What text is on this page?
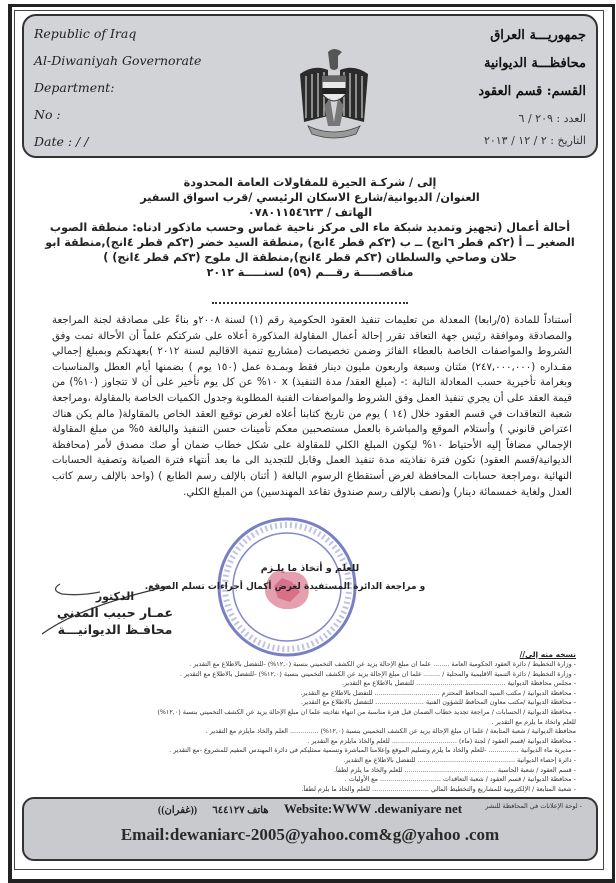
Republic of Iraq
Al-Diwaniyah Governorate
Department:
No :
Date : / /
جمهوريـــة العراق
محافظـــة الديوانية
القسم: قسم العقود
العدد : ٢٠٩ / ٦
التاريخ : ٢ / ١٢ / ٢٠١٣
إلى / شركـة الحيرة للمقاولات العامة المحدودة
العنوان/ الديوانية/شارع الاسكان الرئيسي /قرب اسواق السفير
الهاتف / ٠٧٨٠١١٥٤٦٢٣
أحالة أعمال (تجهيز وتمديد شبكة ماء الى مركز ناحية غماس وحسب ماذكور ادناه: منطقة الصوب الصغير ــ أ (٢كم قطر ٦انج) ــ ب (٣كم قطر ٤انج) ,منطقة السيد خضر (٣كم قطر ٤انج),منطقة ابو حلان وصاحي والسلطان (٣كم قطر ٤انج),منطقة ال ملوح (٣كم قطر ٤انج) )
مناقصـــــة رقـــم (٥٩) لسنـــــة ٢٠١٢
أستناداً للمادة (٥/رابعا) المعدلة من تعليمات تنفيذ العقود الحكومية رقم (١) لسنة ٢٠٠٨و بناءً على مصادقة لجنة المراجعة والمصادقة وموافقة رئيس جهة التعاقد تقرر إحالة أعمال المقاولة المذكورة أعلاه على شركتكم علماً أن الأحالة تمت وفق الشروط والمواصفات الخاصة بالعطاء الفائز وضمن تخصيصات (مشاريع تنمية الاقاليم لسنة ٢٠١٢ )بعهدتكم وبمبلغ إجمالي مقـداره (٢٤٧,٠٠٠,٠٠٠) مئتان وسبعة واربعون مليون دينار فقط وبمـدة عمل (١٥٠ يوم ) بضمنها أيام العطل والمناسبات وبغرامة تأخيرية حسب المعادلة التالية :- (مبلغ العقد/ مدة التنفيذ) x ١٠% عن كل يوم تأخير على أن لا تتجاوز (١٠%) من قيمة العقد على أن يجري تنفيذ العمل وفق الشروط والمواصفات الفنية المطلوبة وجدول الكميات الخاصة بالمقاولة ،ومراجعة شعبة التعاقدات في قسم العقود خلال (١٤ ) يوم من تاريخ كتابنا أعلاه لغرض توقيع العقد الخاص بالمقاولة( مالم يكن هناك اعتراض قانوني ) وأستلام الموقع والمباشرة بالعمل مستصحبين معكم تأمينات حسن التنفيذ والبالغة ٥% من مبلغ المقاولة الإجمالي مضافاً إليه الأحتياط ١٠% ليكون المبلغ الكلي للمقاولة على شكل خطاب ضمان أو صك مصدق لأمر (محافظة الديوانية/قسم العقود) تكون فترة نفاذيته مدة تنفيذ العمل وقابل للتجديد الى ما بعد أنتهاء فترة الصيانة وتصفية الحسابات النهائية ،ومراجعة حسابات المحافظة لغرض أستقطاع الرسوم البالغة ( أثنان بالإلف رسم الطابع ) (واحد بالإلف رسم كاتب العدل ولغاية خمسمائة دينار) و(نصف بالإلف رسم صندوق تقاعد المهندسين) من المبلغ الكلي.
للعلم و أتخاذ ما يلـزم
و مراجعة الدائرة المستفيدة لغرض أكمال أجراءات تسلم الموقع.
الدكتور
عمـار حبيب المدني
محافـظ الديوانيـــة
نسخه منه إلى//
- وزارة التخطيط / دائرة العقود الحكومية العامة ........ علما ان مبلغ الإحالة يزيد عن الكشف التخميني بنسبة (١٢,٠%) -للتفضل بالاطلاع مع التقدير .
- وزارة التخطيط / دائرة التنمية الاقليمية والمحلية / ........ علما ان مبلغ الإحالة يزيد عن الكشف التخميني بنسبة (١٢,٠%) -للتفضل بالاطلاع مع التقدير .
- مجلس محافظة الديوانية ............................................ للتفضل بالاطلاع مع التقدير.
- محافظة الديوانية / مكتب السيد المحافظ المحترم ................................ للتفضل بالاطلاع مع التقدير.
- محافظة الديوانية /مكتب معاون المحافظ للشؤون الفنية ........................ للتفضل بالاطلاع مع التقدير.
- محافظة الديوانية / الحسابات / مراجعة تجديد خطاب الضمان قبل فترة مناسبة من انتهاء نفاذيته علما ان مبلغ الإحالة يزيد عن الكشف التخميني بنسبة (١٢,٠%)
للعلم واتخاذ ما يلزم مع التقدير .
محافظة الديوانية / شعبة المتابعة / علما ان مبلغ الإحالة يزيد عن الكشف التخميني بنسبة (١٢,٠%) .............. العلم والخاذ مايلزم مع التقدير .
- محافظة الديوانية /قسم العقود / لجنة (ماء) ................................ للعلم والخاذ مايلزم مع التقدير .
- مديرية ماء الديوانية ............... -للعلم والخاذ ما يلزم وتسليم الموقع وإعلامنا المباشرة وتسمية ممثليكم في دائرة المهندس المقيم للمشروع -مع التقدير .
- دائرة إحصاء الديوانية ................................................ للتفضل بالاطلاع مع التقدير.
- قسم العقود / شعبة الحاسبة ............................................. للعلم والخاذ ما يلزم لطفاً.
- محافظة الديوانية / قسم العقود / شعبة التعاقدات .............................. مع الأوليات .
- شعبة المتابعة / الإلكترونية للمشاريع والتخطيط المالي ............................ للعلم والخاذ ما يلزم لطفاً.
- لوحة الإعلانات في المحافظة للنشر
هاتف ٦٤٤١٢٧ ((غفران))	Website:WWW .dewaniyare net
Email:dewaniarc-2005@yahoo.com&g@yahoo .com
